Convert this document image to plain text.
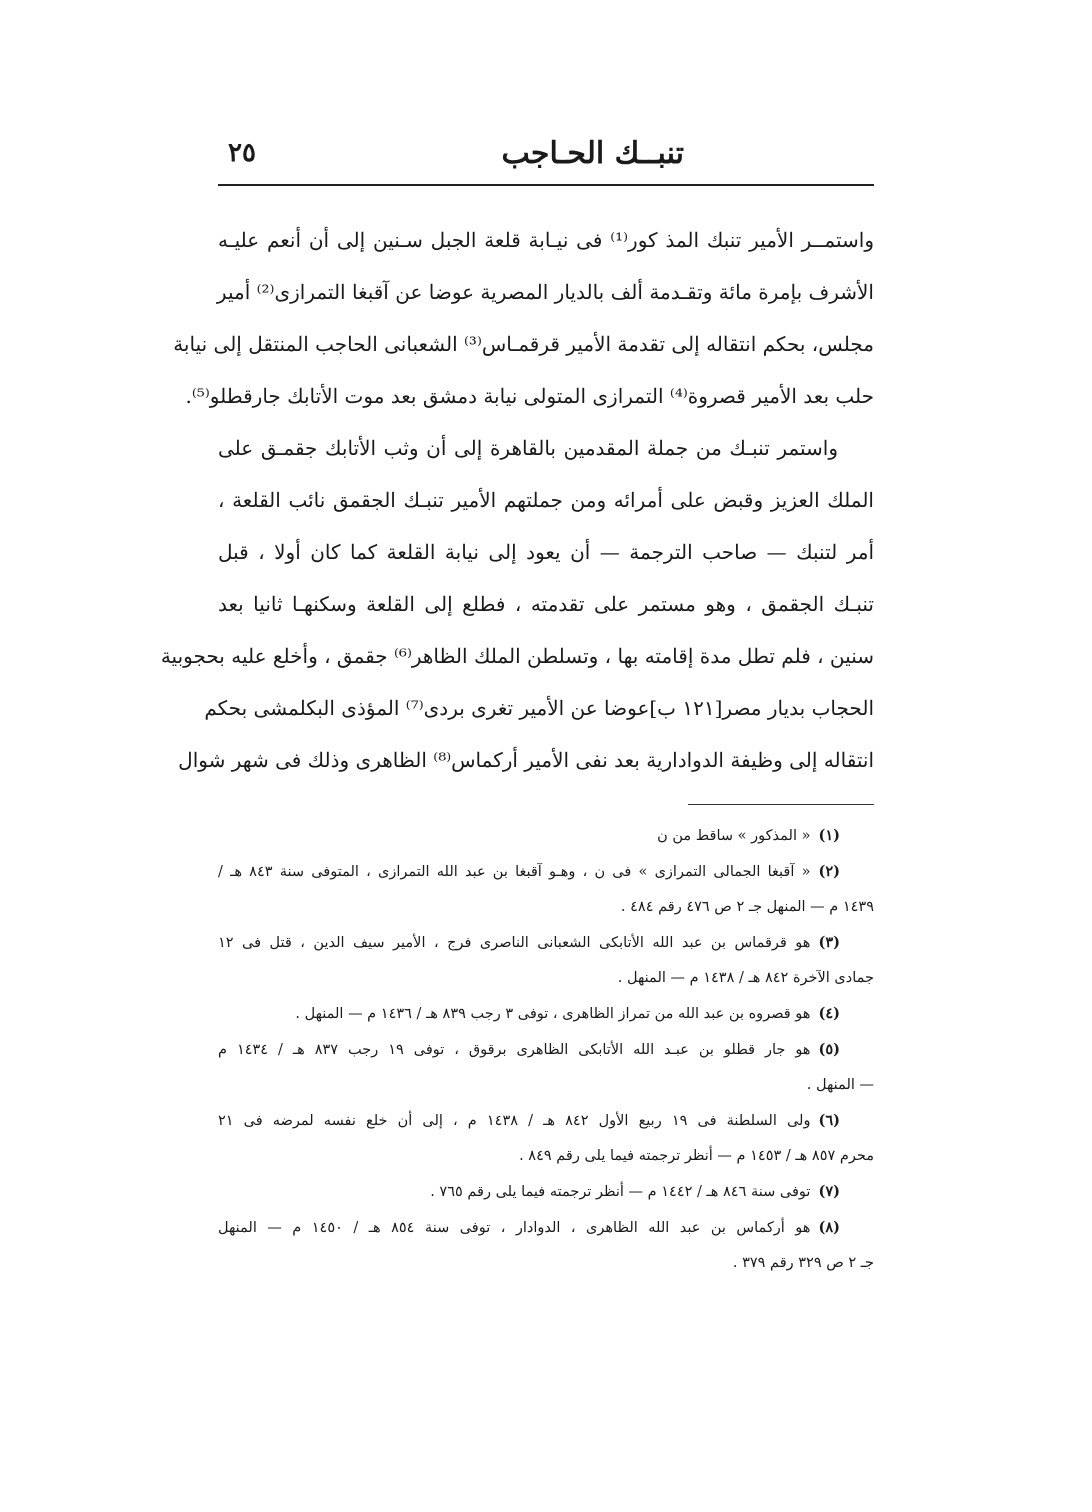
تنبــك الحـاجب
٢٥
واستمــر الأمير تنبك المذ كور⁽¹⁾ فى نيـابة قلعة الجبل سـنين إلى أن أنعم عليـه
الأشرف بإمرة مائة وتقـدمة ألف بالديار المصرية عوضا عن آقبغا التمرازى⁽²⁾ أمير
مجلس، بحكم انتقاله إلى تقدمة الأمير قرقمـاس⁽³⁾ الشعبانى الحاجب المنتقل إلى نيابة
حلب بعد الأمير قصروة⁽⁴⁾ التمرازى المتولى نيابة دمشق بعد موت الأتابك جارقطلو⁽⁵⁾.
واستمر تنبـك من جملة المقدمين بالقاهرة إلى أن وثب الأتابك جقمـق على
الملك العزيز وقبض على أمرائه ومن جملتهم الأمير تنبـك الجقمق نائب القلعة ،
أمر لتنبك — صاحب الترجمة — أن يعود إلى نيابة القلعة كما كان أولا ، قبل
تنبـك الجقمق ، وهو مستمر على تقدمته ، فطلع إلى القلعة وسكنهـا ثانيا بعد
سنين ، فلم تطل مدة إقامته بها ، وتسلطن الملك الظاهر⁽⁶⁾ جقمق ، وأخلع عليه بحجوبية
الحجاب بديار مصر[١٢١ ب]عوضا عن الأمير تغرى بردى⁽⁷⁾ المؤذى البكلمشى بحكم
انتقاله إلى وظيفة الدوادارية بعد نفى الأمير أركماس⁽⁸⁾ الظاهرى وذلك فى شهر شوال
(١)« المذكور » ساقط من ن
(٢)« آقبغا الجمالى التمرازى » فى ن ، وهـو آقبغا بن عبد الله التمرازى ، المتوفى سنة ٨٤٣ هـ /
١٤٣٩ م — المنهل جـ ٢ ص ٤٧٦ رقم ٤٨٤ .
(٣)هو قرقماس بن عبد الله الأتابكى الشعبانى الناصرى فرج ، الأمير سيف الدين ، قتل فى ١٢
جمادى الآخرة ٨٤٢ هـ / ١٤٣٨ م — المنهل .
(٤)هو قصروه بن عبد الله من تمراز الظاهرى ، توفى ٣ رجب ٨٣٩ هـ / ١٤٣٦ م — المنهل .
(٥)هو جار قطلو بن عبـد الله الأتابكى الظاهرى برقوق ، توفى ١٩ رجب ٨٣٧ هـ / ١٤٣٤ م
— المنهل .
(٦)ولى السلطنة فى ١٩ ربيع الأول ٨٤٢ هـ / ١٤٣٨ م ، إلى أن خلع نفسه لمرضه فى ٢١
محرم ٨٥٧ هـ / ١٤٥٣ م — أنظر ترجمته فيما يلى رقم ٨٤٩ .
(٧)توفى سنة ٨٤٦ هـ / ١٤٤٢ م — أنظر ترجمته فيما يلى رقم ٧٦٥ .
(٨)هو أركماس بن عبد الله الظاهرى ، الدوادار ، توفى سنة ٨٥٤ هـ / ١٤٥٠ م — المنهل
جـ ٢ ص ٣٢٩ رقم ٣٧٩ .
